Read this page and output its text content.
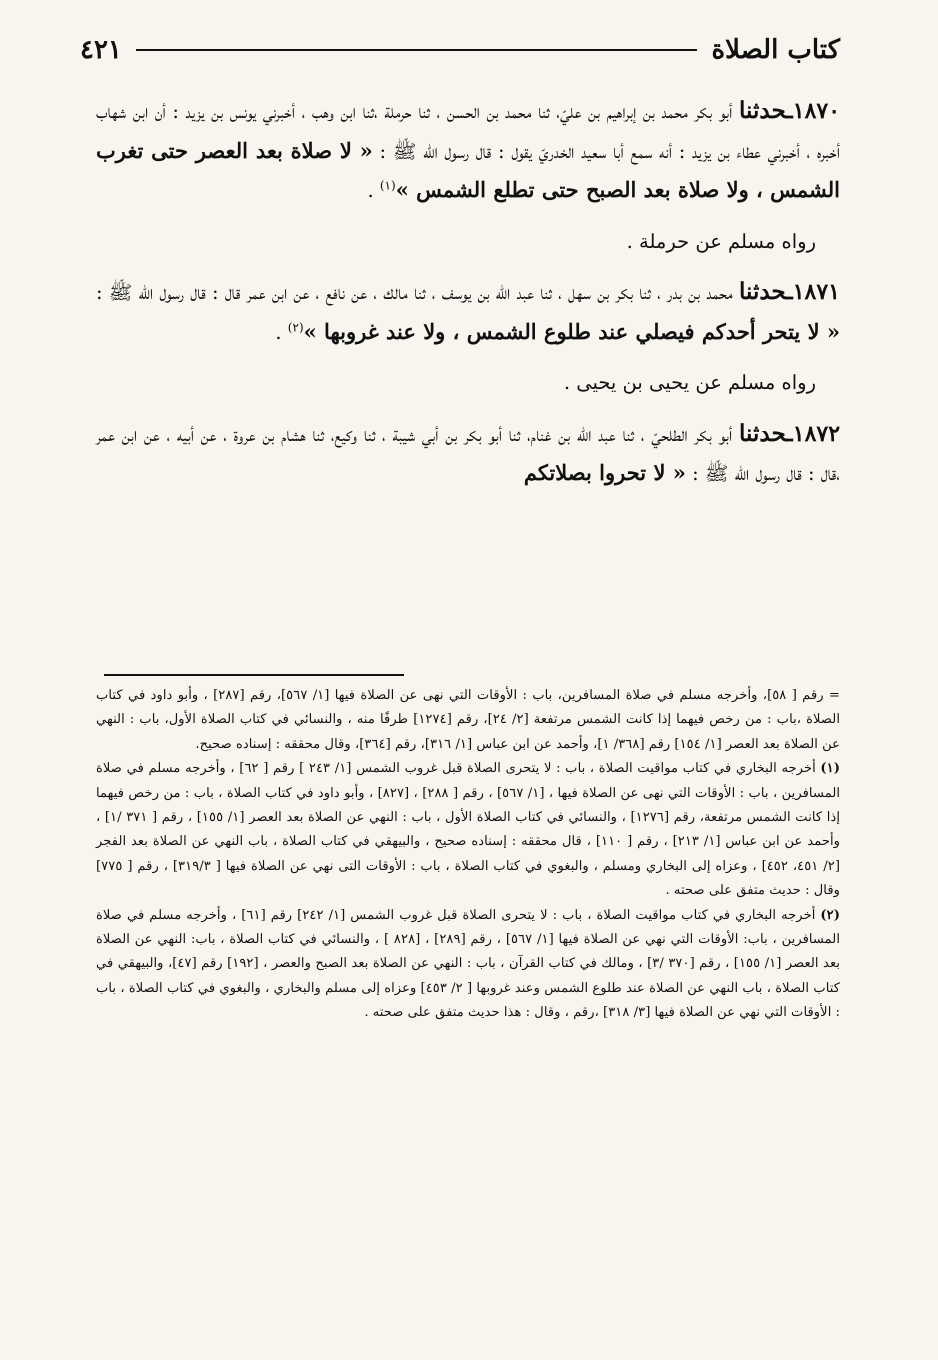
كتاب الصلاة
٤٢١

١٨٧٠ـحدثنا أبو بكر محمد بن إبراهيم بن عليّ، ثنا محمد بن الحسن ، ثنا حرملة ،ثنا ابن وهب ، أخبرني يونس بن يزيد : أن ابن شهاب أخبره ، أخبرني عطاء بن يزيد : أنه سمع أبا سعيد الخدريّ يقول : قال رسول الله ﷺ : « لا صلاة بعد العصر حتى تغرب الشمس ، ولا صلاة بعد الصبح حتى تطلع الشمس »$^{(١)}$ .

رواه مسلم عن حرملة .

١٨٧١ـحدثنا محمد بن بدر ، ثنا بكر بن سهل ، ثنا عبد الله بن يوسف ، ثنا مالك ، عن نافع ، عن ابن عمر قال : قال رسول الله ﷺ : « لا يتحر أحدكم فيصلي عند طلوع الشمس ، ولا عند غروبها »$^{(٢)}$ .

رواه مسلم عن يحيى بن يحيى .

١٨٧٢ـحدثنا أبو بكر الطلحيّ ، ثنا عبد الله بن غنام، ثنا أبو بكر بن أبي شيبة ، ثنا وكيع، ثنا هشام بن عروة ، عن أبيه ، عن ابن عمر ،قال : قال رسول الله ﷺ : « لا تحروا بصلاتكم

= رقم [ ٥٨]، وأخرجه مسلم في صلاة المسافرين، باب : الأوقات التي نهى عن الصلاة فيها [١/ ٥٦٧]، رقم [٢٨٧] ، وأبو داود في كتاب الصلاة ،باب : من رخص فيهما إذا كانت الشمس مرتفعة [٢/ ٢٤]، رقم [١٢٧٤] طرفًا منه ، والنسائي في كتاب الصلاة الأول، باب : النهي عن الصلاة بعد العصر [١/ ١٥٤] رقم [٣٦٨/ ١]، وأحمد عن ابن عباس [١/ ٣١٦]، رقم [٣٦٤]، وقال محققه : إسناده صحيح.

(١) أخرجه البخاري في كتاب مواقيت الصلاة ، باب : لا يتحرى الصلاة قبل غروب الشمس [١/ ٢٤٣ ] رقم [ ٦٢] ، وأخرجه مسلم في صلاة المسافرين ، باب : الأوقات التي نهى عن الصلاة فيها ، [١/ ٥٦٧] ، رقم [ ٢٨٨] ، [٨٢٧] ، وأبو داود في كتاب الصلاة ، باب : من رخص فيهما إذا كانت الشمس مرتفعة، رقم [١٢٧٦] ، والنسائي في كتاب الصلاة الأول ، باب : النهي عن الصلاة بعد العصر [١/ ١٥٥] ، رقم [ ٣٧١ /١] ، وأحمد عن ابن عباس [١/ ٢١٣] ، رقم [ ١١٠] ، قال محققه : إسناده صحيح ، والبيهقي في كتاب الصلاة ، باب النهي عن الصلاة بعد الفجر [٢/ ٤٥١، ٤٥٢] ، وعزاه إلى البخاري ومسلم ، والبغوي في كتاب الصلاة ، باب : الأوقات التى نهي عن الصلاة فيها [ ٣١٩/٣] ، رقم [ ٧٧٥] وقال : حديث متفق على صحته .

(٢) أخرجه البخاري في كتاب مواقيت الصلاة ، باب : لا يتحرى الصلاة قبل غروب الشمس [١/ ٢٤٢] رقم [٦١] ، وأخرجه مسلم في صلاة المسافرين ، باب: الأوقات التي نهي عن الصلاة فيها [١/ ٥٦٧] ، رقم [٢٨٩] ، [٨٢٨ ] ، والنسائي في كتاب الصلاة ، باب: النهي عن الصلاة بعد العصر [١/ ١٥٥] ، رقم [٣٧٠ /٣] ، ومالك في كتاب القرآن ، باب : النهي عن الصلاة بعد الصبح والعصر ، [١٩٢] رقم [٤٧]، والبيهقي في كتاب الصلاة ، باب النهي عن الصلاة عند طلوع الشمس وعند غروبها [ ٢/ ٤٥٣] وعزاه إلى مسلم والبخاري ، والبغوي في كتاب الصلاة ، باب : الأوقات التي نهي عن الصلاة فيها [٣/ ٣١٨] ،رقم ، وقال : هذا حديث متفق على صحته .
